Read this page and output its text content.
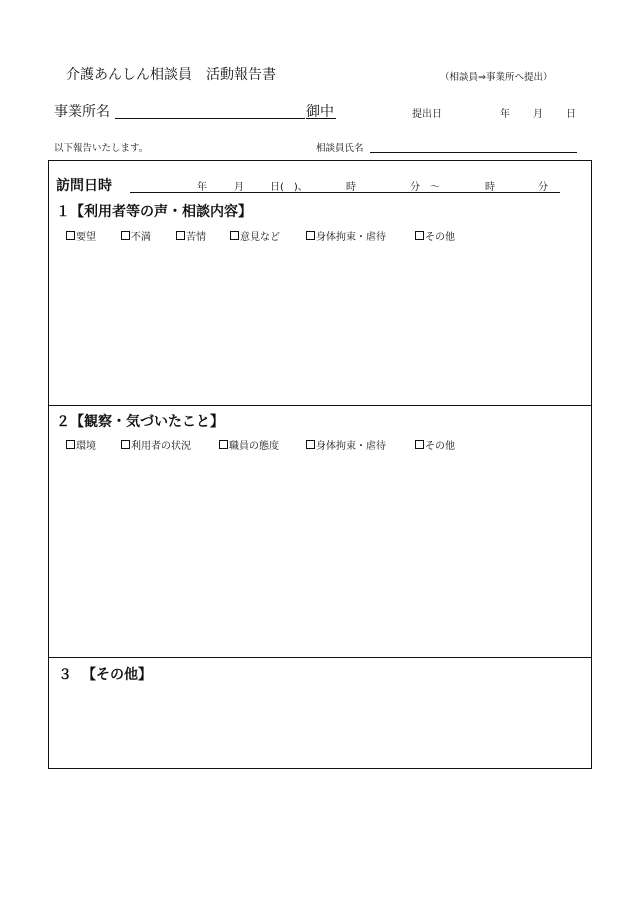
介護あんしん相談員　活動報告書	（相談員⇒事業所へ提出）
事業所名	御中	提出日	年 月 日
以下報告いたします。	相談員氏名
訪問日時	年	月	日(　)、	時	分　～	時	分
１【利用者等の声・相談内容】
要望	不満	苦情	意見など	身体拘束・虐待	その他
２【観察・気づいたこと】
環境	利用者の状況	職員の態度	身体拘束・虐待	その他
３ 【その他】
